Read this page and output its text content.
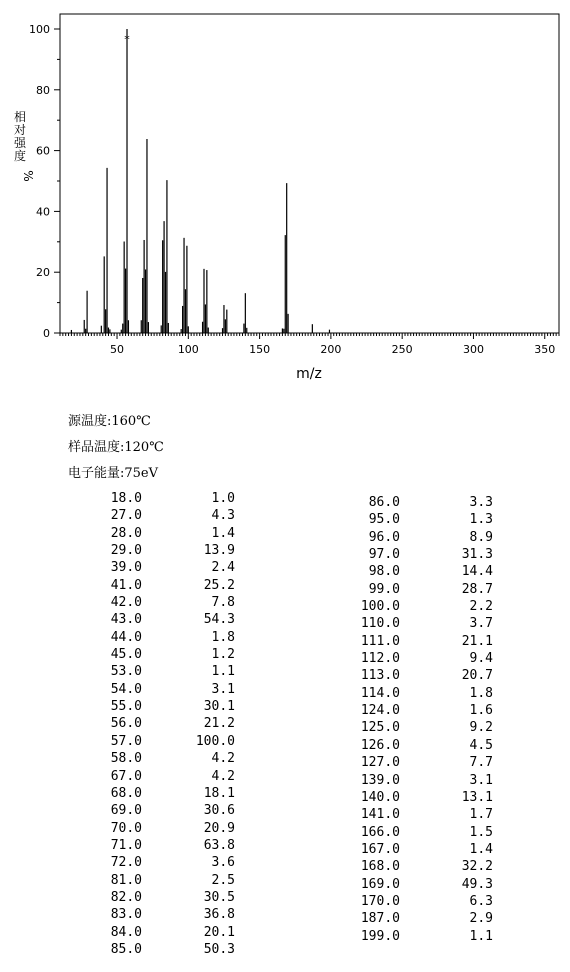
50	100	150	200	250	300	350
0
20
40
60
80
100
*
m/z
相
对
强
度
%
源温度:160℃
样品温度:120℃
电子能量:75eV
18.0	1.0
27.0	4.3
28.0	1.4
29.0	13.9
39.0	2.4
41.0	25.2
42.0	7.8
43.0	54.3
44.0	1.8
45.0	1.2
53.0	1.1
54.0	3.1
55.0	30.1
56.0	21.2
57.0	100.0
58.0	4.2
67.0	4.2
68.0	18.1
69.0	30.6
70.0	20.9
71.0	63.8
72.0	3.6
81.0	2.5
82.0	30.5
83.0	36.8
84.0	20.1
85.0	50.3
86.0	3.3
95.0	1.3
96.0	8.9
97.0	31.3
98.0	14.4
99.0	28.7
100.0	2.2
110.0	3.7
111.0	21.1
112.0	9.4
113.0	20.7
114.0	1.8
124.0	1.6
125.0	9.2
126.0	4.5
127.0	7.7
139.0	3.1
140.0	13.1
141.0	1.7
166.0	1.5
167.0	1.4
168.0	32.2
169.0	49.3
170.0	6.3
187.0	2.9
199.0	1.1
